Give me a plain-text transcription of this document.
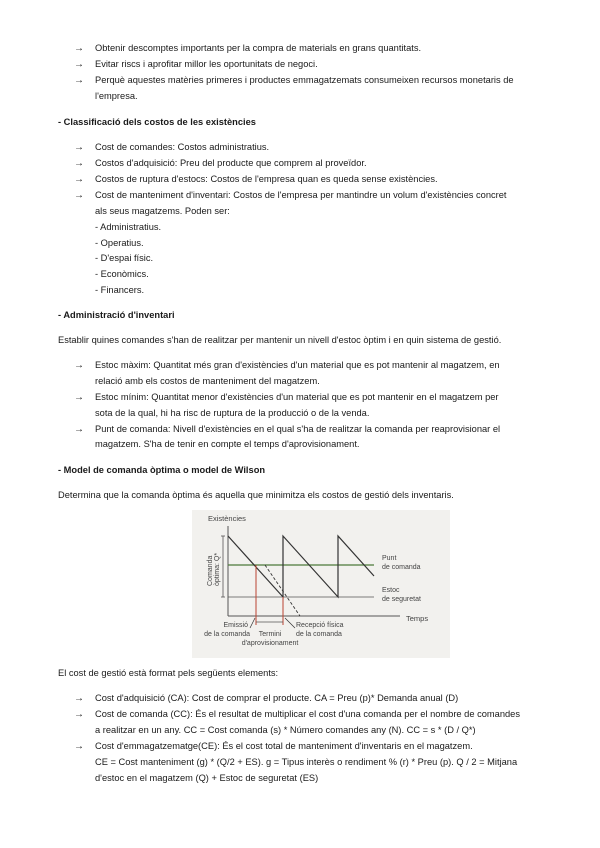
→ Obtenir descomptes importants per la compra de materials en grans quantitats.
→ Evitar riscs i aprofitar millor les oportunitats de negoci.
→ Perquè aquestes matèries primeres i productes emmagatzemats consumeixen recursos monetaris de
l'empresa.
- Classificació dels costos de les existències
→ Cost de comandes: Costos administratius.
→ Costos d'adquisició: Preu del producte que comprem al proveïdor.
→ Costos de ruptura d'estocs: Costos de l'empresa quan es queda sense existències.
→ Cost de manteniment d'inventari: Costos de l'empresa per mantindre un volum d'existències concret
als seus magatzems. Poden ser:
- Administratius.
- Operatius.
- D'espai físic.
- Econòmics.
- Financers.
- Administració d'inventari
Establir quines comandes s'han de realitzar per mantenir un nivell d'estoc òptim i en quin sistema de gestió.
→ Estoc màxim: Quantitat més gran d'existències d'un material que es pot mantenir al magatzem, en
relació amb els costos de manteniment del magatzem.
→ Estoc mínim: Quantitat menor d'existències d'un material que es pot mantenir en el magatzem per
sota de la qual, hi ha risc de ruptura de la producció o de la venda.
→ Punt de comanda: Nivell d'existències en el qual s'ha de realitzar la comanda per reaprovisionar el
magatzem. S'ha de tenir en compte el temps d'aprovisionament.
- Model de comanda òptima o model de Wilson
Determina que la comanda òptima és aquella que minimitza els costos de gestió dels inventaris.
Existències
Comanda òptima: Q*	Punt
de comanda
Estoc
de seguretat
Temps
Emissió
de la comanda Termini
d'aprovisionament
Recepció física
de la comanda
El cost de gestió està format pels següents elements:
→ Cost d'adquisició (CA): Cost de comprar el producte. CA = Preu (p)* Demanda anual (D)
→ Cost de comanda (CC): És el resultat de multiplicar el cost d'una comanda per el nombre de comandes
a realitzar en un any. CC = Cost comanda (s) * Número comandes any (N). CC = s * (D / Q*)
→ Cost d'emmagatzematge(CE): És el cost total de manteniment d'inventaris en el magatzem.
CE = Cost manteniment (g) * (Q/2 + ES). g = Tipus interès o rendiment % (r) * Preu (p). Q / 2 = Mitjana
d'estoc en el magatzem (Q) + Estoc de seguretat (ES)
